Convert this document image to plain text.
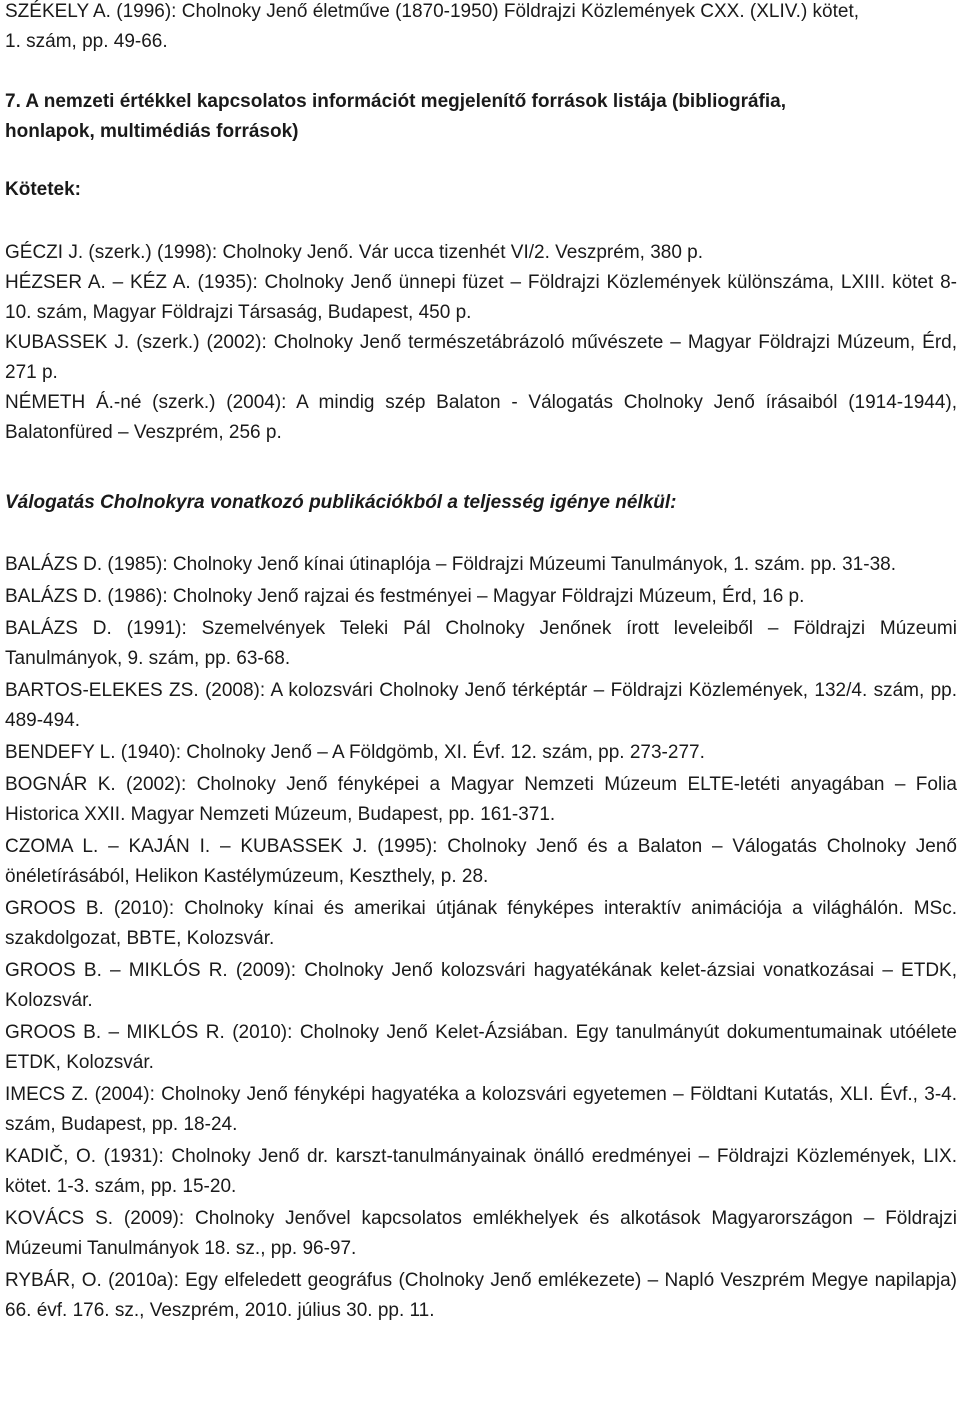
SZÉKELY A. (1996): Cholnoky Jenő életműve (1870-1950) Földrajzi Közlemények CXX. (XLIV.) kötet,
1. szám, pp. 49-66.
7. A nemzeti értékkel kapcsolatos információt megjelenítő források listája (bibliográfia,
honlapok, multimédiás források)
Kötetek:
GÉCZI J. (szerk.) (1998): Cholnoky Jenő. Vár ucca tizenhét VI/2. Veszprém, 380 p.
HÉZSER A. ‒ KÉZ A. (1935): Cholnoky Jenő ünnepi füzet ‒ Földrajzi Közlemények különszáma, LXIII. kötet 8-10. szám, Magyar Földrajzi Társaság, Budapest, 450 p.
KUBASSEK J. (szerk.) (2002): Cholnoky Jenő természetábrázoló művészete ‒ Magyar Földrajzi Múzeum, Érd, 271 p.
NÉMETH Á.-né (szerk.) (2004): A mindig szép Balaton - Válogatás Cholnoky Jenő írásaiból (1914-1944), Balatonfüred ‒ Veszprém, 256 p.
Válogatás Cholnokyra vonatkozó publikációkból a teljesség igénye nélkül:
BALÁZS D. (1985): Cholnoky Jenő kínai útinaplója ‒ Földrajzi Múzeumi Tanulmányok, 1. szám. pp. 31-38.
BALÁZS D. (1986): Cholnoky Jenő rajzai és festményei ‒ Magyar Földrajzi Múzeum, Érd, 16 p.
BALÁZS D. (1991): Szemelvények Teleki Pál Cholnoky Jenőnek írott leveleiből ‒ Földrajzi Múzeumi Tanulmányok, 9. szám, pp. 63-68.
BARTOS-ELEKES ZS. (2008): A kolozsvári Cholnoky Jenő térképtár ‒ Földrajzi Közlemények, 132/4. szám, pp. 489-494.
BENDEFY L. (1940): Cholnoky Jenő ‒ A Földgömb, XI. Évf. 12. szám, pp. 273-277.
BOGNÁR K. (2002): Cholnoky Jenő fényképei a Magyar Nemzeti Múzeum ELTE-letéti anyagában ‒ Folia Historica XXII. Magyar Nemzeti Múzeum, Budapest, pp. 161-371.
CZOMA L. ‒ KAJÁN I. ‒ KUBASSEK J. (1995): Cholnoky Jenő és a Balaton ‒ Válogatás Cholnoky Jenő önéletírásából, Helikon Kastélymúzeum, Keszthely, p. 28.
GROOS B. (2010): Cholnoky kínai és amerikai útjának fényképes interaktív animációja a világhálón. MSc. szakdolgozat, BBTE, Kolozsvár.
GROOS B. ‒ MIKLÓS R. (2009): Cholnoky Jenő kolozsvári hagyatékának kelet-ázsiai vonatkozásai ‒ ETDK, Kolozsvár.
GROOS B. ‒ MIKLÓS R. (2010): Cholnoky Jenő Kelet-Ázsiában. Egy tanulmányút dokumentumainak utóélete ETDK, Kolozsvár.
IMECS Z. (2004): Cholnoky Jenő fényképi hagyatéka a kolozsvári egyetemen ‒ Földtani Kutatás, XLI. Évf., 3-4. szám, Budapest, pp. 18-24.
KADIČ, O. (1931): Cholnoky Jenő dr. karszt-tanulmányainak önálló eredményei ‒ Földrajzi Közlemények, LIX. kötet. 1-3. szám, pp. 15-20.
KOVÁCS S. (2009): Cholnoky Jenővel kapcsolatos emlékhelyek és alkotások Magyarországon ‒ Földrajzi Múzeumi Tanulmányok 18. sz., pp. 96-97.
RYBÁR, O. (2010a): Egy elfeledett geográfus (Cholnoky Jenő emlékezete) ‒ Napló Veszprém Megye napilapja) 66. évf. 176. sz., Veszprém, 2010. július 30. pp. 11.
